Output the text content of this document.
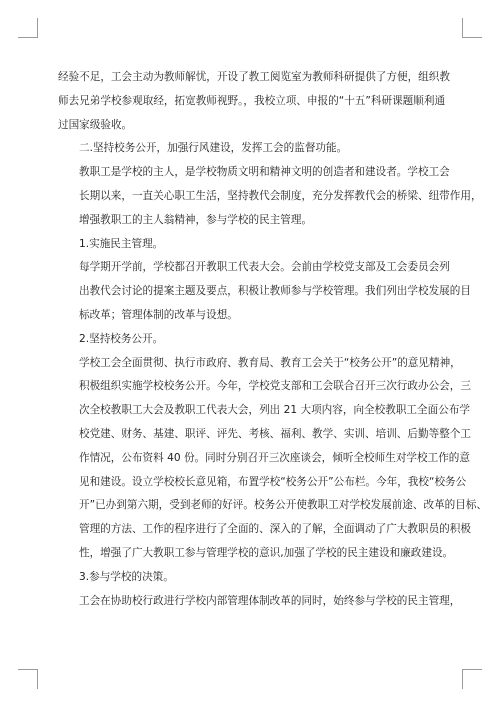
经验不足，工会主动为教师解忧，开设了教工阅览室为教师科研提供了方便，组织教
师去兄弟学校参观取经，拓宽教师视野。，我校立项、申报的“十五”科研课题顺利通
过国家级验收。

二.坚持校务公开，加强行风建设，发挥工会的监督功能。

教职工是学校的主人，是学校物质文明和精神文明的创造者和建设者。学校工会
长期以来，一直关心职工生活，坚持教代会制度，充分发挥教代会的桥梁、纽带作用，
增强教职工的主人翁精神，参与学校的民主管理。

1.实施民主管理。

每学期开学前，学校都召开教职工代表大会。会前由学校党支部及工会委员会列
出教代会讨论的提案主题及要点，积极让教师参与学校管理。我们列出学校发展的目
标改革；管理体制的改革与设想。

2.坚持校务公开。

学校工会全面贯彻、执行市政府、教育局、教育工会关于“校务公开”的意见精神，
积极组织实施学校校务公开。今年，学校党支部和工会联合召开三次行政办公会，三
次全校教职工大会及教职工代表大会，列出 21 大项内容，向全校教职工全面公布学
校党建、财务、基建、职评、评先、考核、福利、教学、实训、培训、后勤等整个工
作情况，公布资料 40 份。同时分别召开三次座谈会，倾听全校师生对学校工作的意
见和建设。设立学校校长意见箱，布置学校“校务公开”公布栏。今年，我校“校务公
开”已办到第六期，受到老师的好评。校务公开使教职工对学校发展前途、改革的目标、
管理的方法、工作的程序进行了全面的、深入的了解，全面调动了广大教职员的积极
性，增强了广大教职工参与管理学校的意识,加强了学校的民主建设和廉政建设。

3.参与学校的决策。

工会在协助校行政进行学校内部管理体制改革的同时，始终参与学校的民主管理，
